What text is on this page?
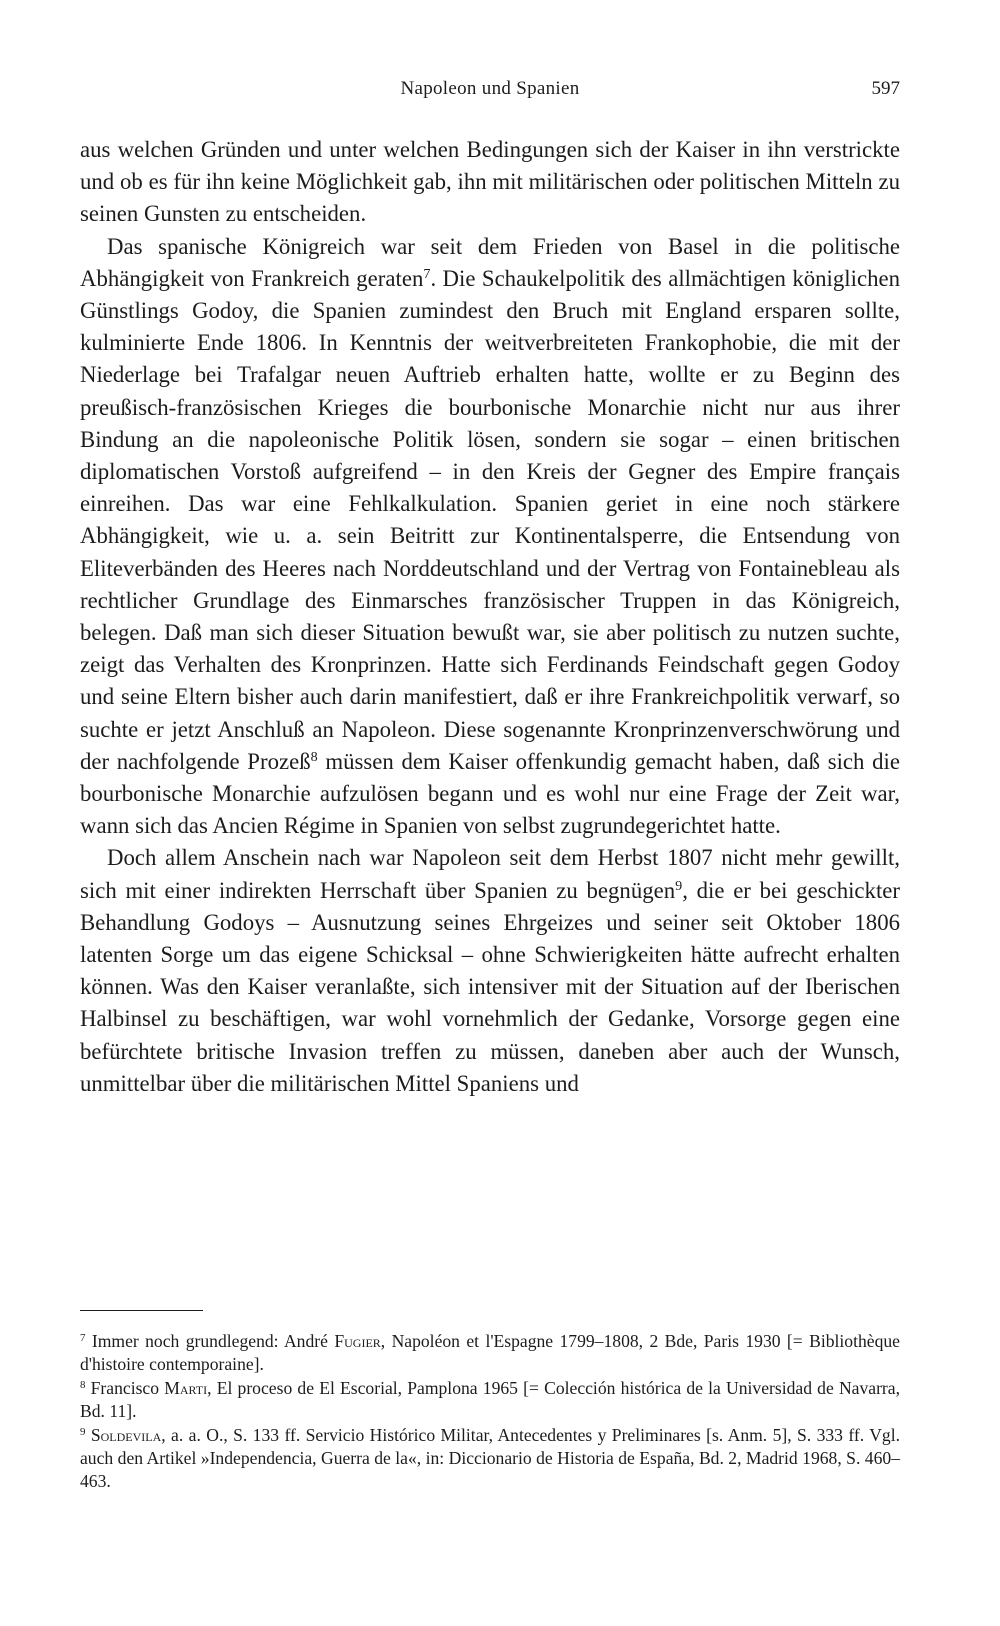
Napoleon und Spanien	597

aus welchen Gründen und unter welchen Bedingungen sich der Kaiser in ihn verstrickte und ob es für ihn keine Möglichkeit gab, ihn mit militärischen oder politischen Mitteln zu seinen Gunsten zu entscheiden.

Das spanische Königreich war seit dem Frieden von Basel in die politische Abhängigkeit von Frankreich geraten$^7$. Die Schaukelpolitik des allmächtigen königlichen Günstlings Godoy, die Spanien zumindest den Bruch mit England ersparen sollte, kulminierte Ende 1806. In Kenntnis der weitverbreiteten Frankophobie, die mit der Niederlage bei Trafalgar neuen Auftrieb erhalten hatte, wollte er zu Beginn des preußisch-französischen Krieges die bourbonische Monarchie nicht nur aus ihrer Bindung an die napoleonische Politik lösen, sondern sie sogar – einen britischen diplomatischen Vorstoß aufgreifend – in den Kreis der Gegner des Empire français einreihen. Das war eine Fehlkalkulation. Spanien geriet in eine noch stärkere Abhängigkeit, wie u. a. sein Beitritt zur Kontinentalsperre, die Entsendung von Eliteverbänden des Heeres nach Norddeutschland und der Vertrag von Fontainebleau als rechtlicher Grundlage des Einmarsches französischer Truppen in das Königreich, belegen. Daß man sich dieser Situation bewußt war, sie aber politisch zu nutzen suchte, zeigt das Verhalten des Kronprinzen. Hatte sich Ferdinands Feindschaft gegen Godoy und seine Eltern bisher auch darin manifestiert, daß er ihre Frankreichpolitik verwarf, so suchte er jetzt Anschluß an Napoleon. Diese sogenannte Kronprinzenverschwörung und der nachfolgende Prozeß$^8$ müssen dem Kaiser offenkundig gemacht haben, daß sich die bourbonische Monarchie aufzulösen begann und es wohl nur eine Frage der Zeit war, wann sich das Ancien Régime in Spanien von selbst zugrundegerichtet hatte.

Doch allem Anschein nach war Napoleon seit dem Herbst 1807 nicht mehr gewillt, sich mit einer indirekten Herrschaft über Spanien zu begnügen$^9$, die er bei geschickter Behandlung Godoys – Ausnutzung seines Ehrgeizes und seiner seit Oktober 1806 latenten Sorge um das eigene Schicksal – ohne Schwierigkeiten hätte aufrecht erhalten können. Was den Kaiser veranlaßte, sich intensiver mit der Situation auf der Iberischen Halbinsel zu beschäftigen, war wohl vornehmlich der Gedanke, Vorsorge gegen eine befürchtete britische Invasion treffen zu müssen, daneben aber auch der Wunsch, unmittelbar über die militärischen Mittel Spaniens und

$^7$ Immer noch grundlegend: André Fugier, Napoléon et l'Espagne 1799–1808, 2 Bde, Paris 1930 [= Bibliothèque d'histoire contemporaine].

$^8$ Francisco Marti, El proceso de El Escorial, Pamplona 1965 [= Colección histórica de la Universidad de Navarra, Bd. 11].

$^9$ Soldevila, a. a. O., S. 133 ff. Servicio Histórico Militar, Antecedentes y Preliminares [s. Anm. 5], S. 333 ff. Vgl. auch den Artikel »Independencia, Guerra de la«, in: Diccionario de Historia de España, Bd. 2, Madrid 1968, S. 460–463.
